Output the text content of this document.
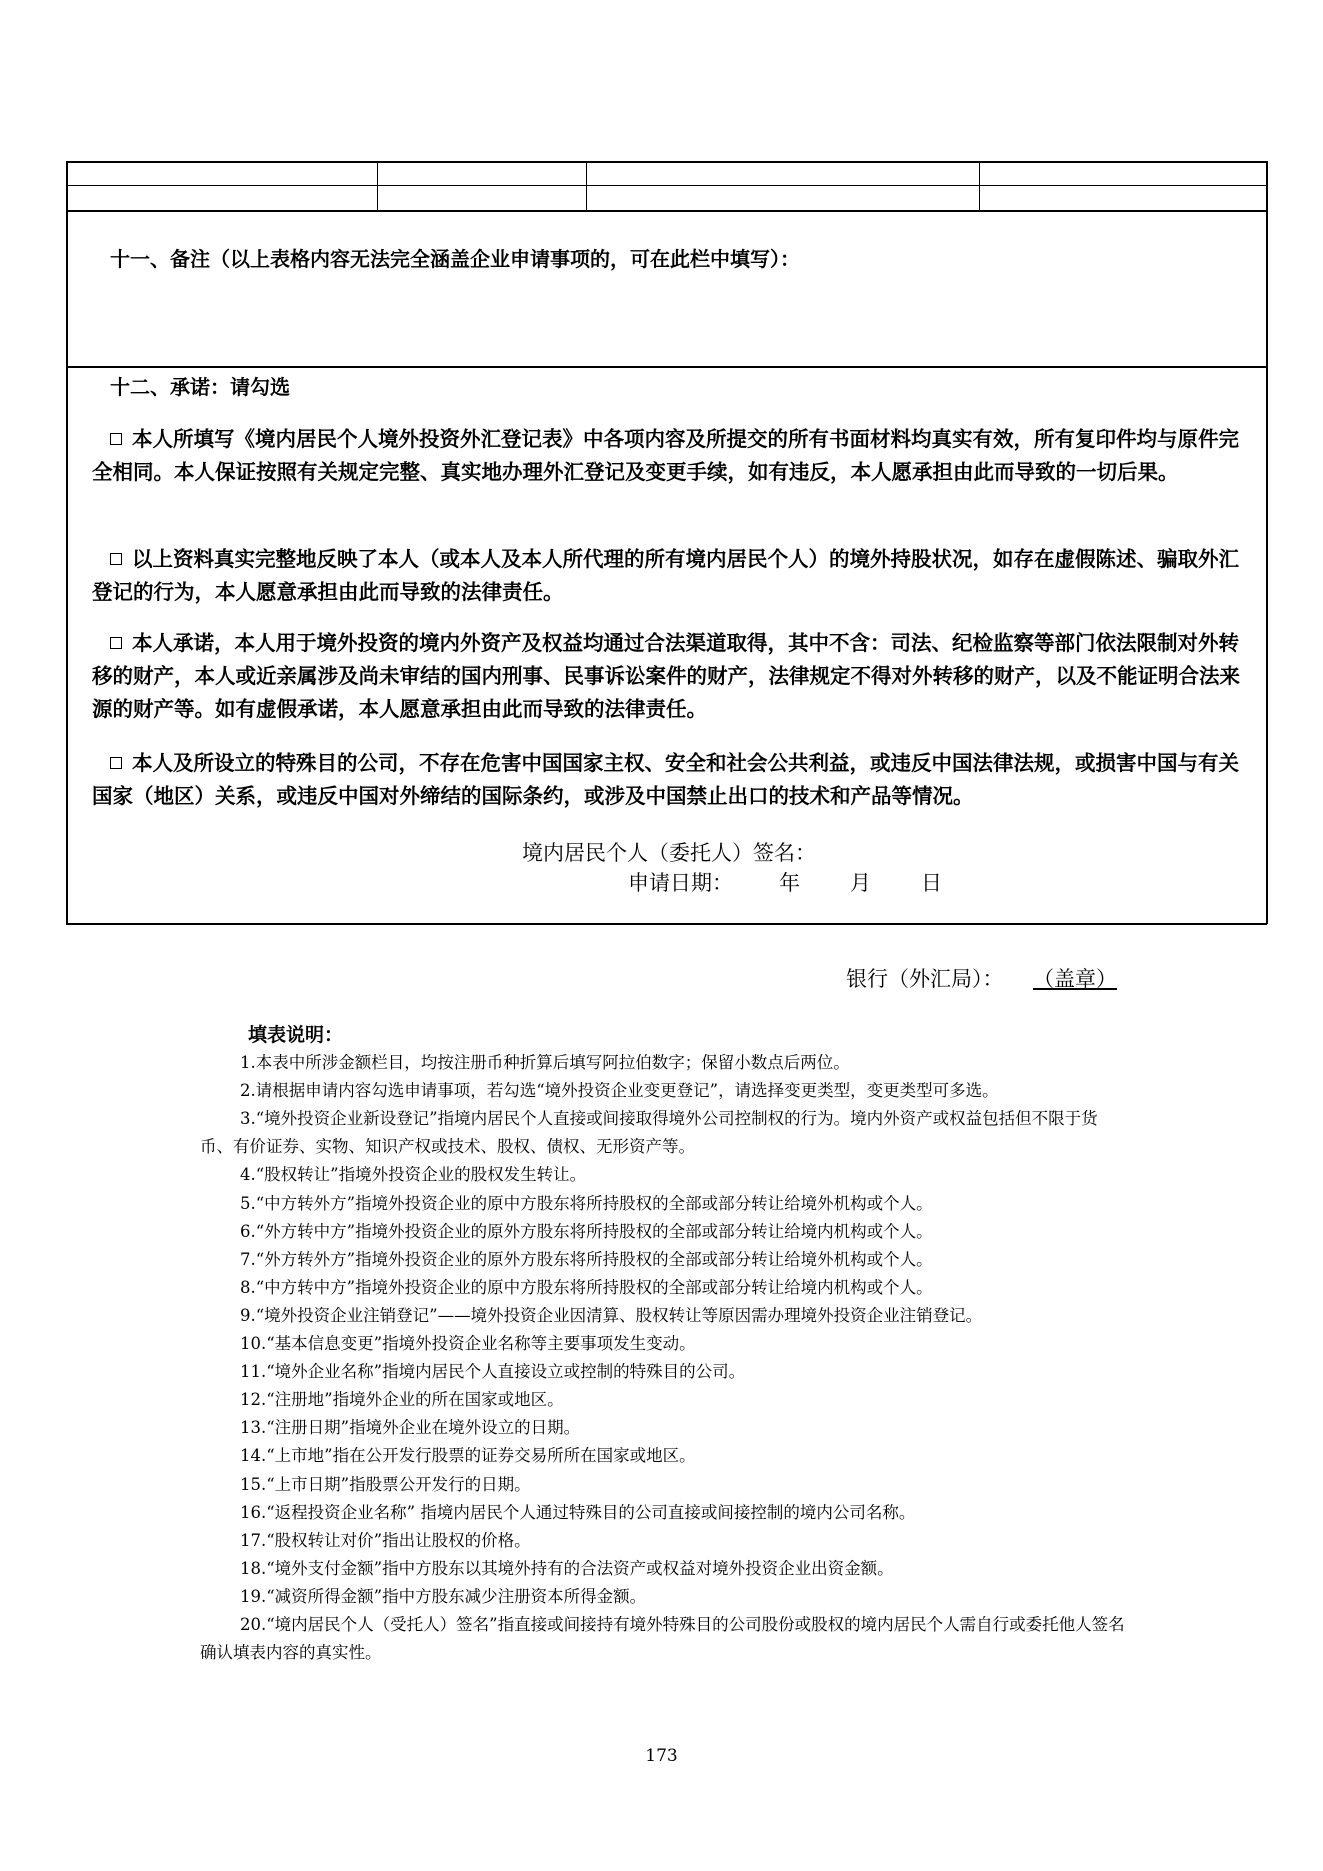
十一、备注（以上表格内容无法完全涵盖企业申请事项的，可在此栏中填写）：
十二、承诺：请勾选

本人所填写《境内居民个人境外投资外汇登记表》中各项内容及所提交的所有书面材料均真实有效，所有复印件均与原件完全相同。本人保证按照有关规定完整、真实地办理外汇登记及变更手续，如有违反，本人愿承担由此而导致的一切后果。

以上资料真实完整地反映了本人（或本人及本人所代理的所有境内居民个人）的境外持股状况，如存在虚假陈述、骗取外汇登记的行为，本人愿意承担由此而导致的法律责任。

本人承诺，本人用于境外投资的境内外资产及权益均通过合法渠道取得，其中不含：司法、纪检监察等部门依法限制对外转移的财产，本人或近亲属涉及尚未审结的国内刑事、民事诉讼案件的财产，法律规定不得对外转移的财产，以及不能证明合法来源的财产等。如有虚假承诺，本人愿意承担由此而导致的法律责任。

本人及所设立的特殊目的公司，不存在危害中国国家主权、安全和社会公共利益，或违反中国法律法规，或损害中国与有关国家（地区）关系，或违反中国对外缔结的国际条约，或涉及中国禁止出口的技术和产品等情况。

境内居民个人（委托人）签名：
申请日期： 年 月 日
银行（外汇局）： （盖章）
填表说明：
1.本表中所涉金额栏目，均按注册币种折算后填写阿拉伯数字；保留小数点后两位。
2.请根据申请内容勾选申请事项，若勾选“境外投资企业变更登记”，请选择变更类型，变更类型可多选。
3.“境外投资企业新设登记”指境内居民个人直接或间接取得境外公司控制权的行为。境内外资产或权益包括但不限于货币、有价证券、实物、知识产权或技术、股权、债权、无形资产等。
4.“股权转让”指境外投资企业的股权发生转让。
5.“中方转外方”指境外投资企业的原中方股东将所持股权的全部或部分转让给境外机构或个人。
6.“外方转中方”指境外投资企业的原外方股东将所持股权的全部或部分转让给境内机构或个人。
7.“外方转外方”指境外投资企业的原外方股东将所持股权的全部或部分转让给境外机构或个人。
8.“中方转中方”指境外投资企业的原中方股东将所持股权的全部或部分转让给境内机构或个人。
9.“境外投资企业注销登记”——境外投资企业因清算、股权转让等原因需办理境外投资企业注销登记。
10.“基本信息变更”指境外投资企业名称等主要事项发生变动。
11.“境外企业名称”指境内居民个人直接设立或控制的特殊目的公司。
12.“注册地”指境外企业的所在国家或地区。
13.“注册日期”指境外企业在境外设立的日期。
14.“上市地”指在公开发行股票的证券交易所所在国家或地区。
15.“上市日期”指股票公开发行的日期。
16.“返程投资企业名称” 指境内居民个人通过特殊目的公司直接或间接控制的境内公司名称。
17.“股权转让对价”指出让股权的价格。
18.“境外支付金额”指中方股东以其境外持有的合法资产或权益对境外投资企业出资金额。
19.“减资所得金额”指中方股东减少注册资本所得金额。
20.“境内居民个人（受托人）签名”指直接或间接持有境外特殊目的公司股份或股权的境内居民个人需自行或委托他人签名确认填表内容的真实性。
173
